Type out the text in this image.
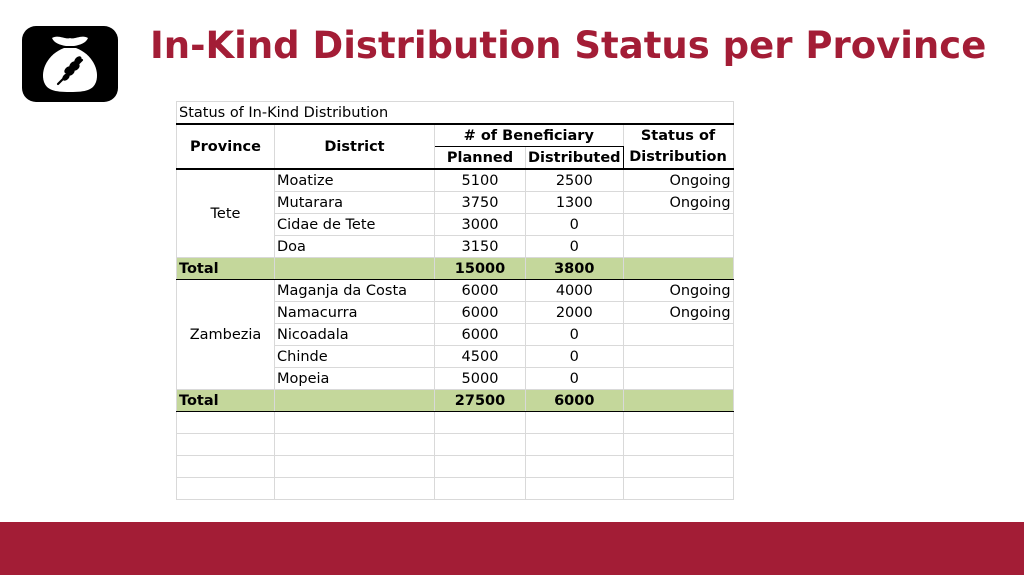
In-Kind Distribution Status per Province
Status of In-Kind Distribution				
Province	District	# of Beneficiary		Status of Distribution
		Planned	Distributed	
Tete	Moatize	5100	2500	Ongoing
	Mutarara	3750	1300	Ongoing
	Cidae de Tete	3000	0	
	Doa	3150	0	
Total		15000	3800	
Zambezia	Maganja da Costa	6000	4000	Ongoing
	Namacurra	6000	2000	Ongoing
	Nicoadala	6000	0	
	Chinde	4500	0	
	Mopeia	5000	0	
Total		27500	6000	
